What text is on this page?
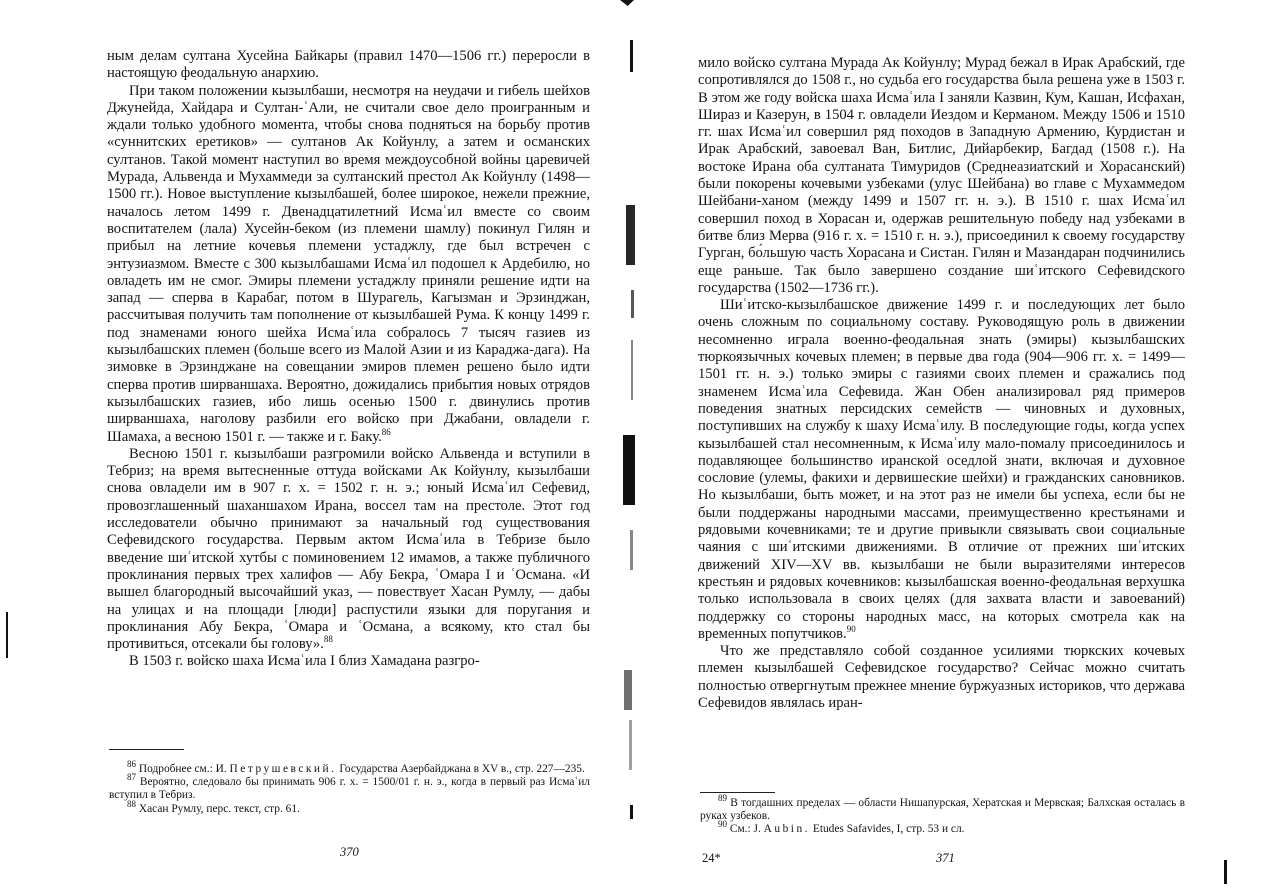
ным делам султана Хусейна Байкары (правил 1470—1506 гг.) переросли в настоящую феодальную анархию.

При таком положении кызылбаши, несмотря на неудачи и гибель шейхов Джунейда, Хайдара и Султан-ʿАли, не считали свое дело проигранным и ждали только удобного момента, чтобы снова подняться на борьбу против «суннитских еретиков» — султанов Ак Койунлу, а затем и османских султанов. Такой момент наступил во время междоусобной войны царевичей Мурада, Альвенда и Мухаммеди за султанский престол Ак Койунлу (1498—1500 гг.). Новое выступление кызылбашей, более широкое, нежели прежние, началось летом 1499 г. Двенадцатилетний Исмаʿил вместе со своим воспитателем (лала) Хусейн-беком (из племени шамлу) покинул Гилян и прибыл на летние кочевья племени устаджлу, где был встречен с энтузиазмом. Вместе с 300 кызылбашами Исмаʿил подошел к Ардебилю, но овладеть им не смог. Эмиры племени устаджлу приняли решение идти на запад — сперва в Карабаг, потом в Шурагель, Кагызман и Эрзинджан, рассчитывая получить там пополнение от кызылбашей Рума. К концу 1499 г. под знаменами юного шейха Исмаʿила собралось 7 тысяч газиев из кызылбашских племен (больше всего из Малой Азии и из Караджа-дага). На зимовке в Эрзинджане на совещании эмиров племен решено было идти сперва против ширваншаха. Вероятно, дожидались прибытия новых отрядов кызылбашских газиев, ибо лишь осенью 1500 г. двинулись против ширваншаха, наголову разбили его войско при Джабани, овладели г. Шамаха, а весною 1501 г. — также и г. Баку.$^{86}$

Весною 1501 г. кызылбаши разгромили войско Альвенда и вступили в Тебриз; на время вытесненные оттуда войсками Ак Койунлу, кызылбаши снова овладели им в 907 г. х. = 1502 г. н. э.; юный Исмаʿил Сефевид, провозглашенный шаханшахом Ирана, воссел там на престоле. Этот год исследователи обычно принимают за начальный год существования Сефевидского государства. Первым актом Исмаʿила в Тебризе было введение шиʿитской хутбы с поминовением 12 имамов, а также публичного проклинания первых трех халифов — Абу Бекра, ʿОмара I и ʿОсмана. «И вышел благородный высочайший указ, — повествует Хасан Румлу, — дабы на улицах и на площади [люди] распустили языки для поругания и проклинания Абу Бекра, ʿОмара и ʿОсмана, а всякому, кто стал бы противиться, отсекали бы голову».$^{88}$

В 1503 г. войско шаха Исмаʿила I близ Хамадана разгро-

$^{86}$ Подробнее см.: И. Петрушевский. Государства Азербайджана в XV в., стр. 227—235.

$^{87}$ Вероятно, следовало бы принимать 906 г. х. = 1500/01 г. н. э., когда в первый раз Исмаʿил вступил в Тебриз.

$^{88}$ Хасан Румлу, перс. текст, стр. 61.

370

мило войско султана Мурада Ак Койунлу; Мурад бежал в Ирак Арабский, где сопротивлялся до 1508 г., но судьба его государства была решена уже в 1503 г. В этом же году войска шаха Исмаʿила I заняли Казвин, Кум, Кашан, Исфахан, Шираз и Казерун, в 1504 г. овладели Иездом и Керманом. Между 1506 и 1510 гг. шах Исмаʿил совершил ряд походов в Западную Армению, Курдистан и Ирак Арабский, завоевал Ван, Битлис, Дийарбекир, Багдад (1508 г.). На востоке Ирана оба султаната Тимуридов (Среднеазиатский и Хорасанский) были покорены кочевыми узбеками (улус Шейбана) во главе с Мухаммедом Шейбани-ханом (между 1499 и 1507 гг. н. э.). В 1510 г. шах Исмаʿил совершил поход в Хорасан и, одержав решительную победу над узбеками в битве близ Мерва (916 г. х. = 1510 г. н. э.), присоединил к своему государству Гурган, бо́льшую часть Хорасана и Систан. Гилян и Мазандаран подчинились еще раньше. Так было завершено создание шиʿитского Сефевидского государства (1502—1736 гг.).

Шиʿитско-кызылбашское движение 1499 г. и последующих лет было очень сложным по социальному составу. Руководящую роль в движении несомненно играла военно-феодальная знать (эмиры) кызылбашских тюркоязычных кочевых племен; в первые два года (904—906 гг. х. = 1499—1501 гг. н. э.) только эмиры с газиями своих племен и сражались под знаменем Исмаʿила Сефевида. Жан Обен анализировал ряд примеров поведения знатных персидских семейств — чиновных и духовных, поступивших на службу к шаху Исмаʿилу. В последующие годы, когда успех кызылбашей стал несомненным, к Исмаʿилу мало-помалу присоединилось и подавляющее большинство иранской оседлой знати, включая и духовное сословие (улемы, факихи и дервишеские шейхи) и гражданских сановников. Но кызылбаши, быть может, и на этот раз не имели бы успеха, если бы не были поддержаны народными массами, преимущественно крестьянами и рядовыми кочевниками; те и другие привыкли связывать свои социальные чаяния с шиʿитскими движениями. В отличие от прежних шиʿитских движений XIV—XV вв. кызылбаши не были выразителями интересов крестьян и рядовых кочевников: кызылбашская военно-феодальная верхушка только использовала в своих целях (для захвата власти и завоеваний) поддержку со стороны народных масс, на которых смотрела как на временных попутчиков.$^{90}$

Что же представляло собой созданное усилиями тюркских кочевых племен кызылбашей Сефевидское государство? Сейчас можно считать полностью отвергнутым прежнее мнение буржуазных историков, что держава Сефевидов являлась иран-

$^{89}$ В тогдашних пределах — области Нишапурская, Хератская и Мервская; Балхская осталась в руках узбеков.

$^{90}$ См.: J. Aubin. Etudes Safavides, I, стр. 53 и сл.

24*	371
